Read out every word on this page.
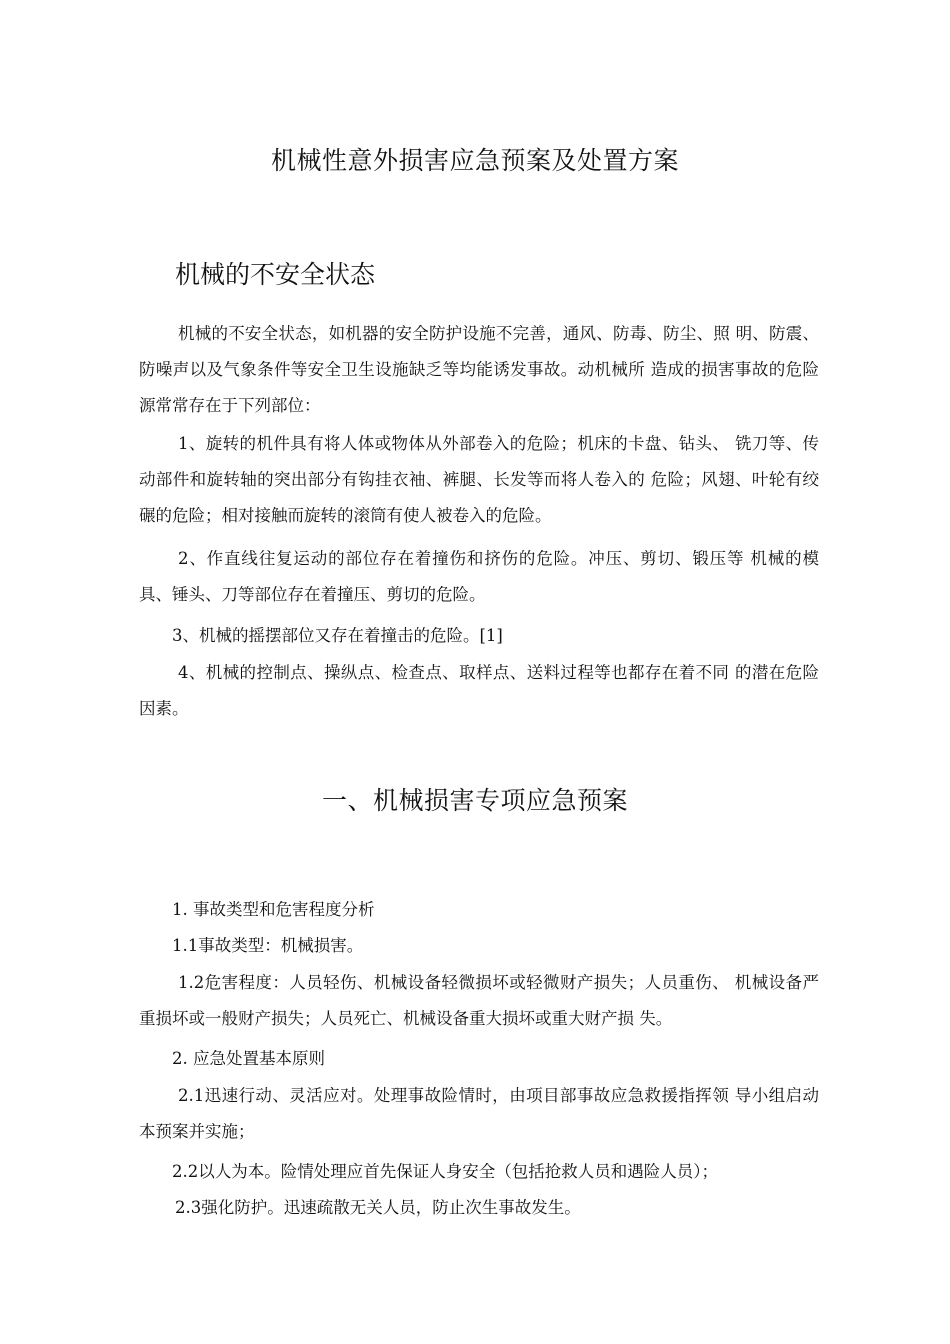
机械性意外损害应急预案及处置方案
机械的不安全状态

机械的不安全状态，如机器的安全防护设施不完善，通风、防毒、防尘、照 明、防震、防噪声以及气象条件等安全卫生设施缺乏等均能诱发事故。动机械所 造成的损害事故的危险源常常存在于下列部位：

1、旋转的机件具有将人体或物体从外部卷入的危险；机床的卡盘、钻头、 铣刀等、传动部件和旋转轴的突出部分有钩挂衣袖、裤腿、长发等而将人卷入的 危险；风翅、叶轮有绞碾的危险；相对接触而旋转的滚筒有使人被卷入的危险。

2、作直线往复运动的部位存在着撞伤和挤伤的危险。冲压、剪切、锻压等 机械的模具、锤头、刀等部位存在着撞压、剪切的危险。

3、机械的摇摆部位又存在着撞击的危险。[1]

4、机械的控制点、操纵点、检查点、取样点、送料过程等也都存在着不同 的潜在危险因素。

一、机械损害专项应急预案

1. 事故类型和危害程度分析

1.1事故类型：机械损害。

1.2危害程度：人员轻伤、机械设备轻微损坏或轻微财产损失；人员重伤、 机械设备严重损坏或一般财产损失；人员死亡、机械设备重大损坏或重大财产损 失。

2. 应急处置基本原则

2.1迅速行动、灵活应对。处理事故险情时，由项目部事故应急救援指挥领 导小组启动本预案并实施；

2.2以人为本。险情处理应首先保证人身安全（包括抢救人员和遇险人员）；

2.3强化防护。迅速疏散无关人员，防止次生事故发生。
